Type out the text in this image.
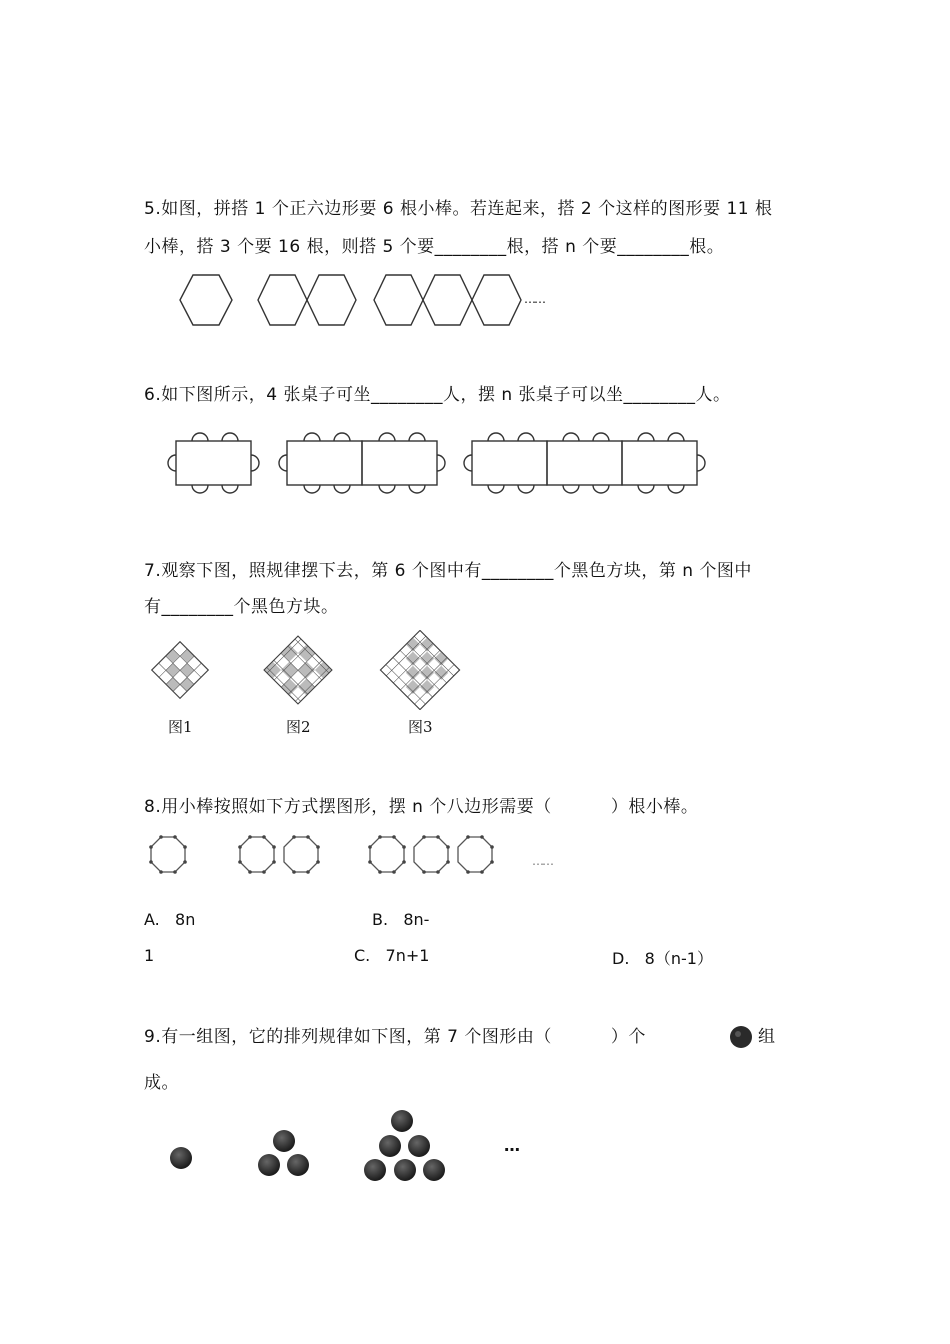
5.如图，拼搭 1 个正六边形要 6 根小棒。若连起来，搭 2 个这样的图形要 11 根
小棒，搭 3 个要 16 根，则搭 5 个要________根，搭 n 个要________根。
……
6.如下图所示，4 张桌子可坐________人，摆 n 张桌子可以坐________人。
7.观察下图，照规律摆下去，第 6 个图中有________个黑色方块，第 n 个图中
有________个黑色方块。
图1	图2	图3
8.用小棒按照如下方式摆图形，摆 n 个八边形需要（          ）根小棒。
……
A.   8n	B.   8n-
1	C.   7n+1	D.   8（n-1）
9.有一组图，它的排列规律如下图，第 7 个图形由（          ）个	组
成。
…
